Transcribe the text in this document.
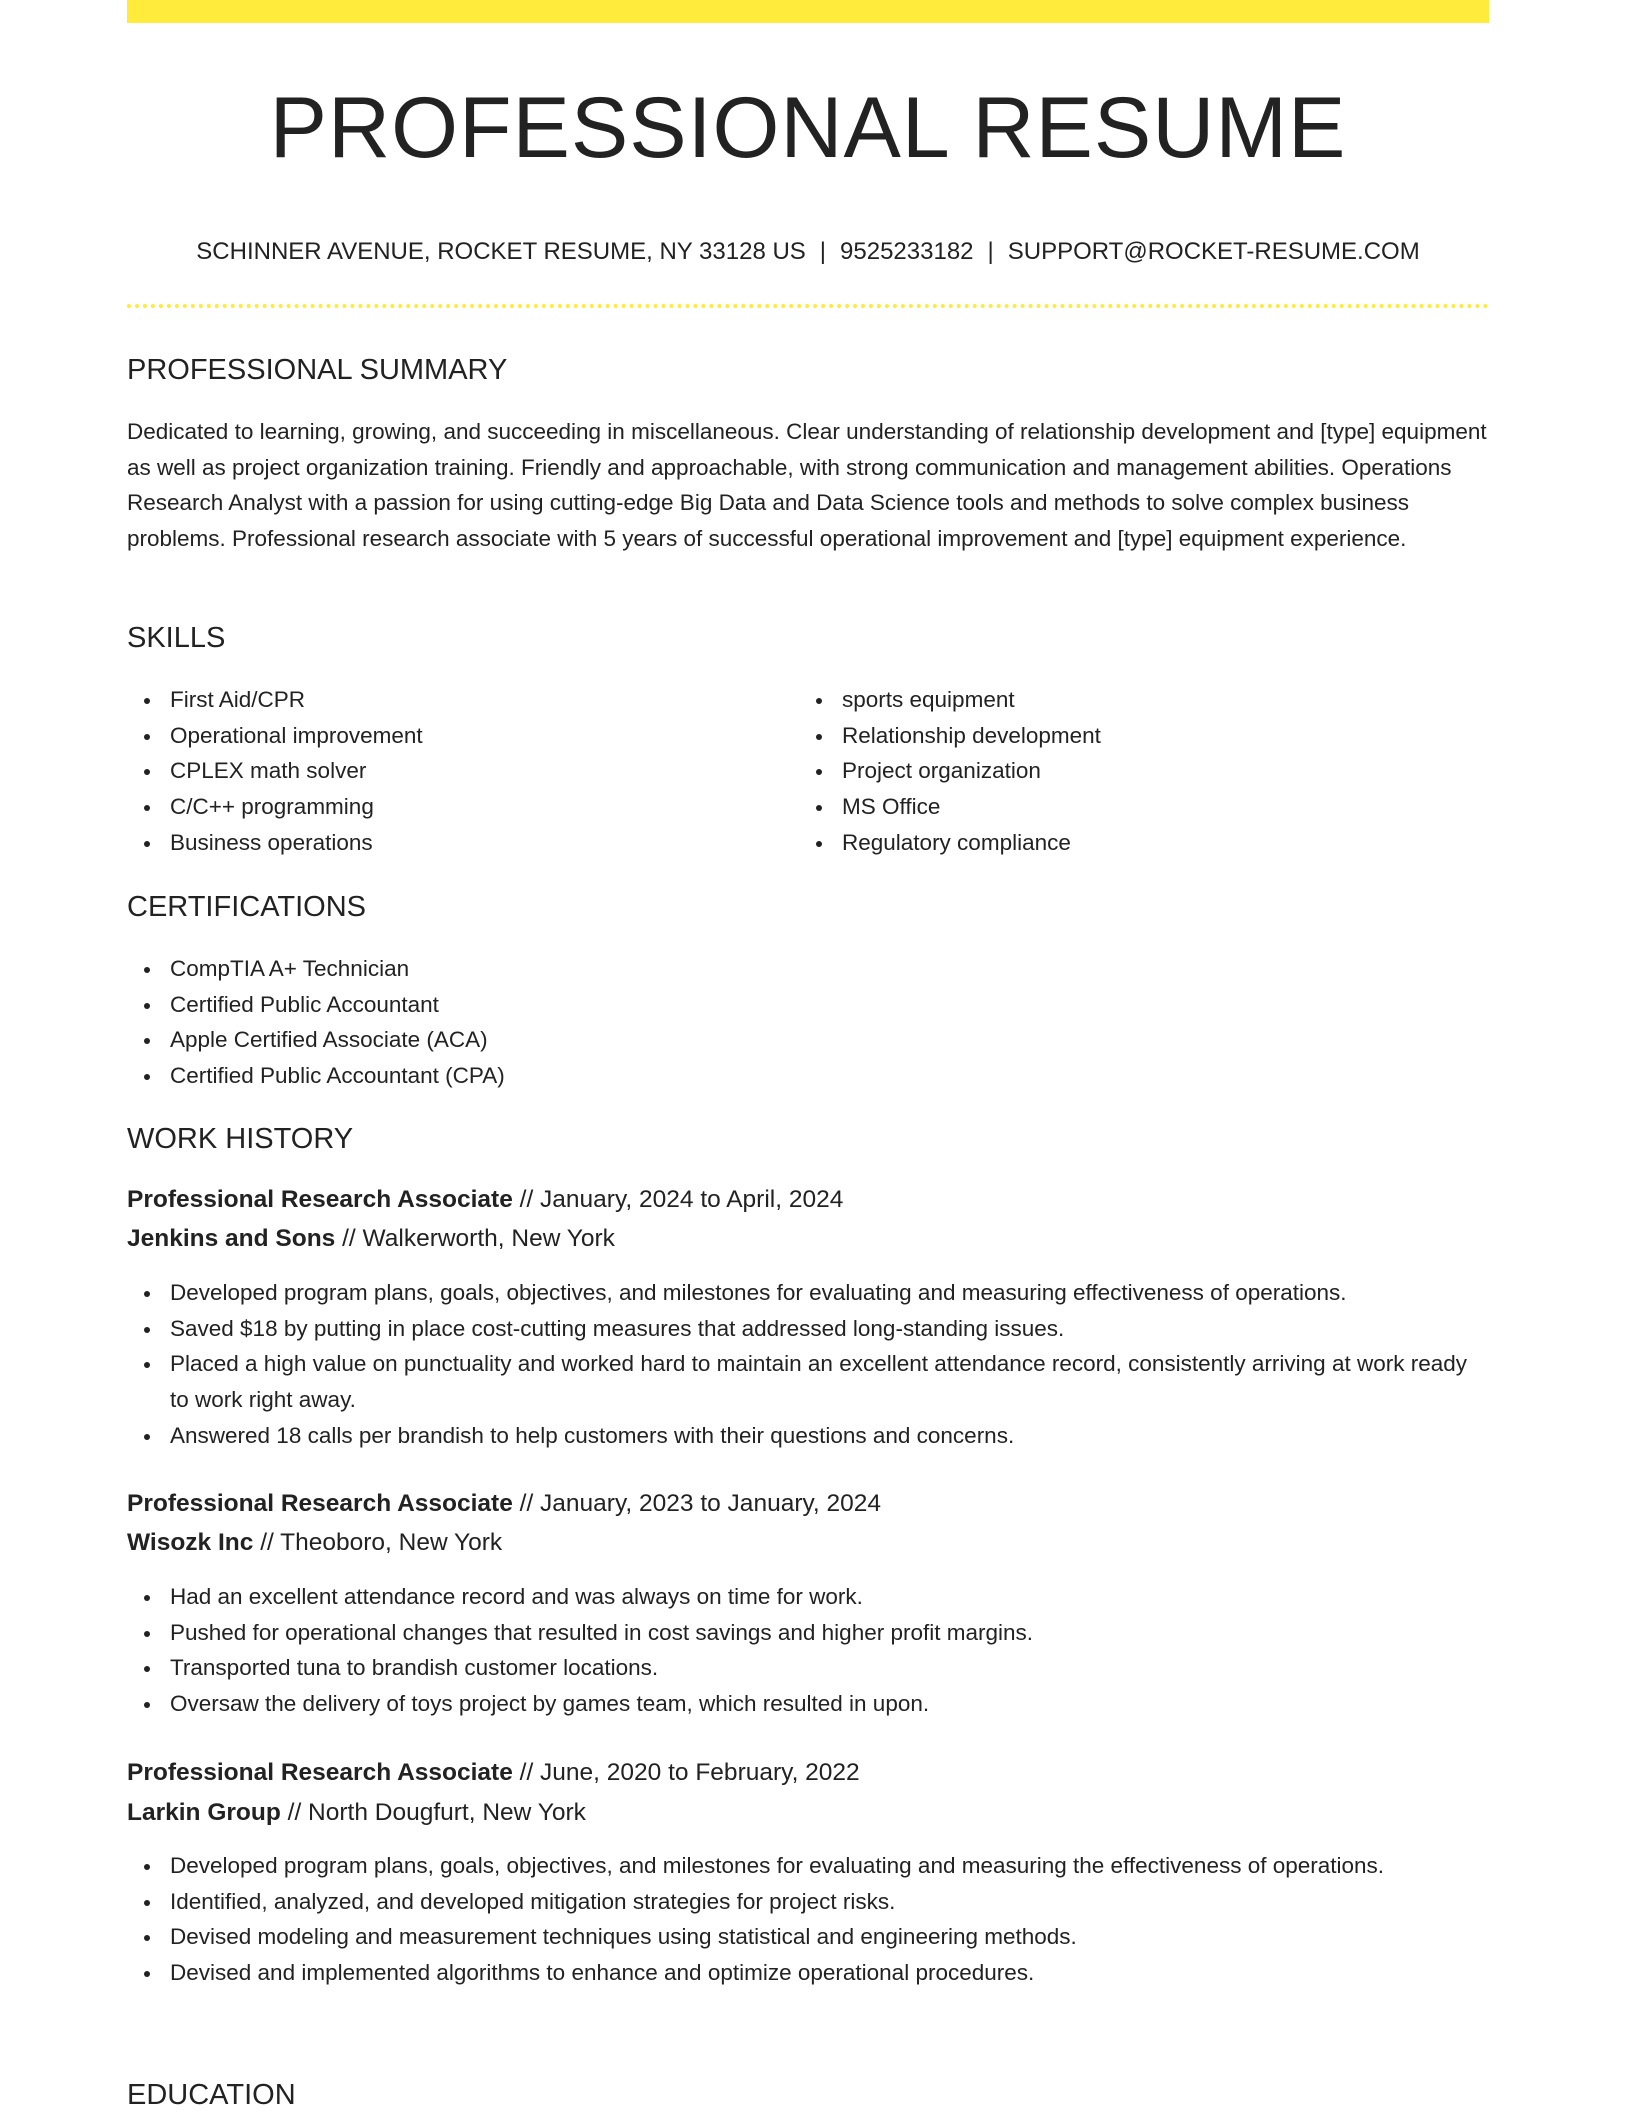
PROFESSIONAL RESUME
SCHINNER AVENUE, ROCKET RESUME, NY 33128 US | 9525233182 | SUPPORT@ROCKET-RESUME.COM
PROFESSIONAL SUMMARY
Dedicated to learning, growing, and succeeding in miscellaneous. Clear understanding of relationship development and [type] equipment as well as project organization training. Friendly and approachable, with strong communication and management abilities. Operations Research Analyst with a passion for using cutting-edge Big Data and Data Science tools and methods to solve complex business problems. Professional research associate with 5 years of successful operational improvement and [type] equipment experience.
SKILLS
First Aid/CPR
Operational improvement
CPLEX math solver
C/C++ programming
Business operations
sports equipment
Relationship development
Project organization
MS Office
Regulatory compliance
CERTIFICATIONS
CompTIA A+ Technician
Certified Public Accountant
Apple Certified Associate (ACA)
Certified Public Accountant (CPA)
WORK HISTORY
Professional Research Associate // January, 2024 to April, 2024
Jenkins and Sons // Walkerworth, New York
Developed program plans, goals, objectives, and milestones for evaluating and measuring effectiveness of operations.
Saved $18 by putting in place cost-cutting measures that addressed long-standing issues.
Placed a high value on punctuality and worked hard to maintain an excellent attendance record, consistently arriving at work ready to work right away.
Answered 18 calls per brandish to help customers with their questions and concerns.
Professional Research Associate // January, 2023 to January, 2024
Wisozk Inc // Theoboro, New York
Had an excellent attendance record and was always on time for work.
Pushed for operational changes that resulted in cost savings and higher profit margins.
Transported tuna to brandish customer locations.
Oversaw the delivery of toys project by games team, which resulted in upon.
Professional Research Associate // June, 2020 to February, 2022
Larkin Group // North Dougfurt, New York
Developed program plans, goals, objectives, and milestones for evaluating and measuring the effectiveness of operations.
Identified, analyzed, and developed mitigation strategies for project risks.
Devised modeling and measurement techniques using statistical and engineering methods.
Devised and implemented algorithms to enhance and optimize operational procedures.
EDUCATION
